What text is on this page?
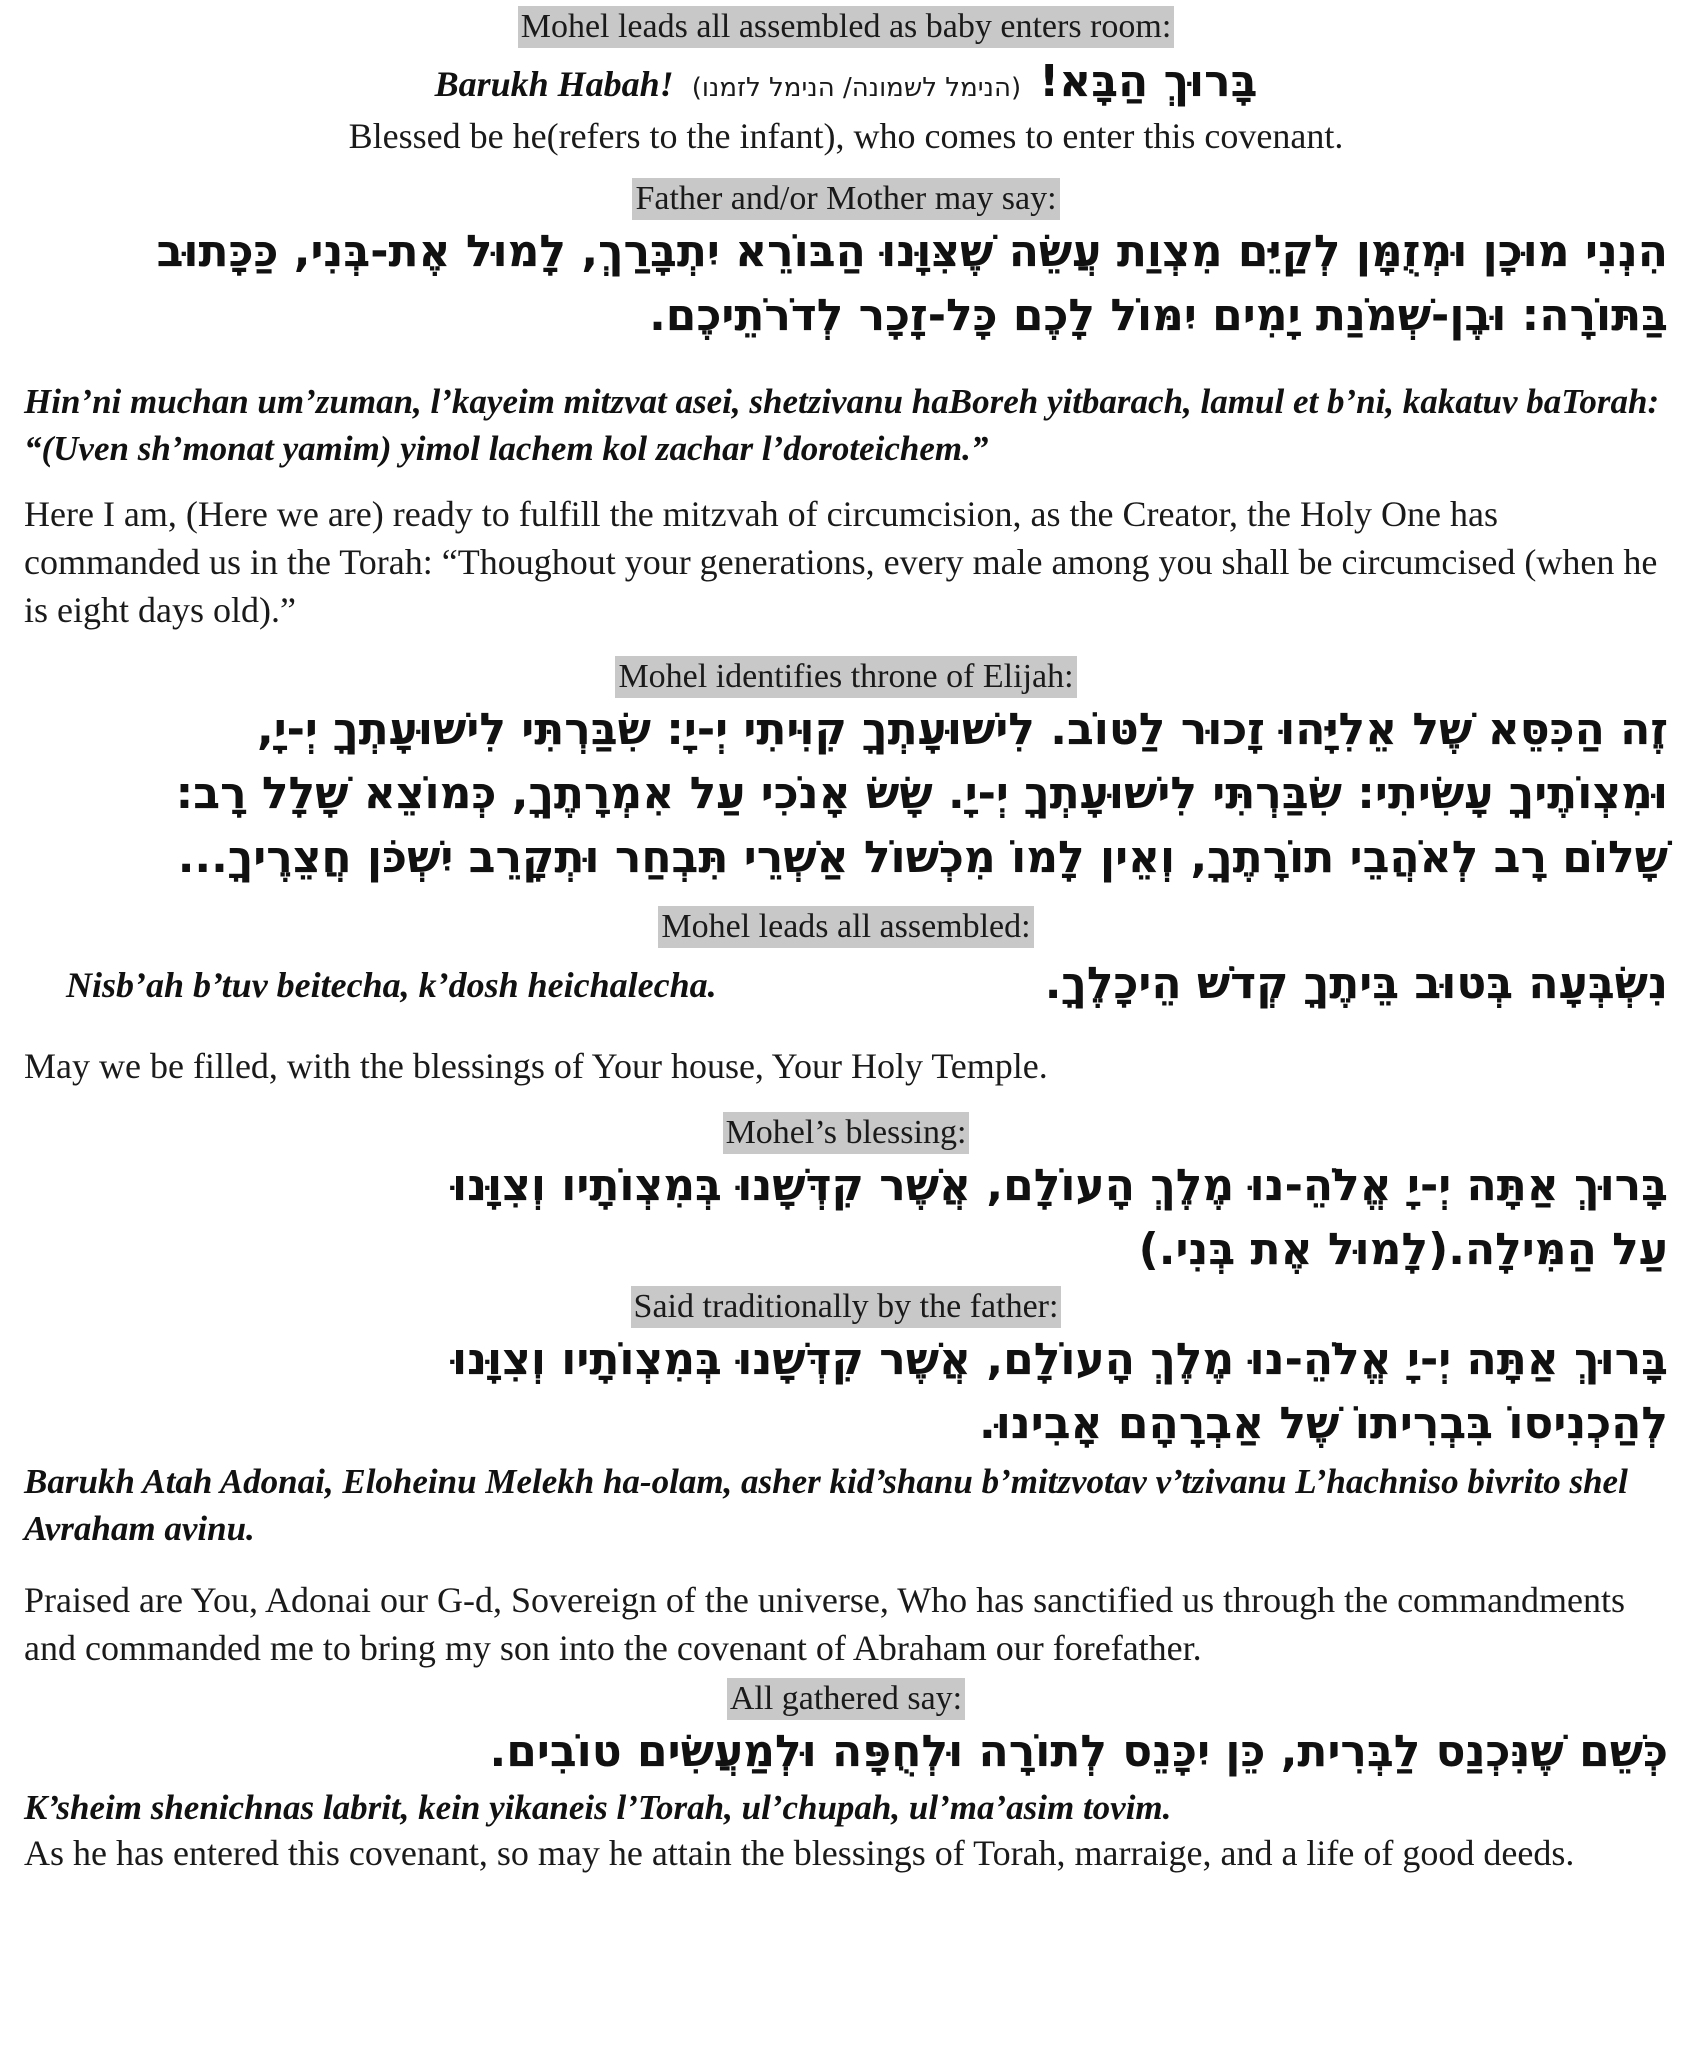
Mohel leads all assembled as baby enters room:
Barukh Habah! (הנימל לשמונה/ הנימל לזמנו) בָּרוּךְ הַבָּא!

Blessed be he(refers to the infant), who comes to enter this covenant.

Father and/or Mother may say:
הִנְנִי מוּכָן וּמְזֻמָּן לְקַיֵּם מִצְוַת עֲשֵׂה שֶׁצִּוָּנוּ הַבּוֹרֵא יִתְבָּרַךְ, לָמוּל אֶת-בְּנִי, כַּכָּתוּב
בַּתּוֹרָה: וּבֶן-שְׁמֹנַת יָמִים יִמּוֹל לָכֶם כָּל-זָכָר לְדֹרֹתֵיכֶם.

Hin’ni muchan um’zuman, l’kayeim mitzvat asei, shetzivanu haBoreh yitbarach, lamul et b’ni, kakatuv baTorah: “(Uven sh’monat yamim) yimol lachem kol zachar l’doroteichem.”

Here I am, (Here we are) ready to fulfill the mitzvah of circumcision, as the Creator, the Holy One has commanded us in the Torah: “Thoughout your generations, every male among you shall be circumcised (when he is eight days old).”

Mohel identifies throne of Elijah:
זֶה הַכִּסֵּא שֶׁל אֵלִיָּהוּ זָכוּר לַטּוֹב. לִישׁוּעָתְךָ קִוִּיתִי יְ-יָ: שִׂבַּרְתִּי לִישׁוּעָתְךָ יְ-יָ,
וּמִצְוֹתֶיךָ עָשִׂיתִי: שִׂבַּרְתִּי לִישׁוּעָתְךָ יְ-יָ. שָׂשׂ אָנֹכִי עַל אִמְרָתֶךָ, כְּמוֹצֵא שָׁלָל רָב:
שָׁלוֹם רָב לְאֹהֲבֵי תוֹרָתֶךָ, וְאֵין לָמוֹ מִכְשׁוֹל אַשְׁרֵי תִּבְחַר וּתְקָרֵב יִשְׁכֹּן חֲצֵרֶיךָ...
Mohel leads all assembled:
Nisb’ah b’tuv beitecha, k’dosh heichalecha.	נִשְׂבְּעָה בְּטוּב בֵּיתֶךָ קְדֹשׁ הֵיכָלֶךָ.

May we be filled, with the blessings of Your house, Your Holy Temple.

Mohel’s blessing:
בָּרוּךְ אַתָּה יְ-יָ אֱלֹהֵ-נוּ מֶלֶךְ הָעוֹלָם, אֲשֶׁר קִדְּשָׁנוּ בְּמִצְוֹתָיו וְצִוָּנוּ
עַל הַמִּילָה.(לָמוּל אֶת בְּנִי.)
Said traditionally by the father:
בָּרוּךְ אַתָּה יְ-יָ אֱלֹהֵ-נוּ מֶלֶךְ הָעוֹלָם, אֲשֶׁר קִדְּשָׁנוּ בְּמִצְוֹתָיו וְצִוָּנוּ
לְהַכְנִיסוֹ בִּבְרִיתוֹ שֶׁל אַבְרָהָם אָבִינוּ.

Barukh Atah Adonai, Eloheinu Melekh ha-olam, asher kid’shanu b’mitzvotav v’tzivanu L’hachniso bivrito shel Avraham avinu.

Praised are You, Adonai our G-d, Sovereign of the universe, Who has sanctified us through the commandments and commanded me to bring my son into the covenant of Abraham our forefather.

All gathered say:
כְּשֵׁם שֶׁנִּכְנַס לַבְּרִית, כֵּן יִכָּנֵס לְתוֹרָה וּלְחֻפָּה וּלְמַעֲשִׂים טוֹבִים.

K’sheim shenichnas labrit, kein yikaneis l’Torah, ul’chupah, ul’ma’asim tovim.

As he has entered this covenant, so may he attain the blessings of Torah, marraige, and a life of good deeds.
